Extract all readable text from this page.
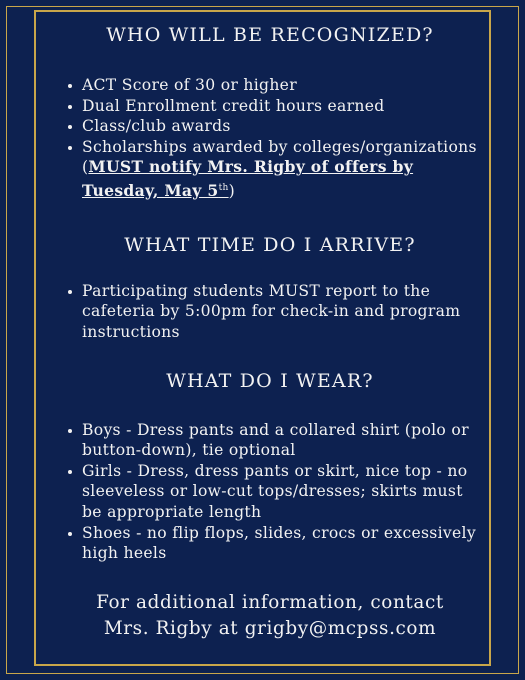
WHO WILL BE RECOGNIZED?
ACT Score of 30 or higher
Dual Enrollment credit hours earned
Class/club awards
Scholarships awarded by colleges/organizations (MUST notify Mrs. Rigby of offers by Tuesday, May 5th)
WHAT TIME DO I ARRIVE?
Participating students MUST report to the cafeteria by 5:00pm for check-in and program instructions
WHAT DO I WEAR?
Boys - Dress pants and a collared shirt (polo or button-down), tie optional
Girls - Dress, dress pants or skirt, nice top - no sleeveless or low-cut tops/dresses; skirts must be appropriate length
Shoes - no flip flops, slides, crocs or excessively high heels
For additional information, contact
Mrs. Rigby at grigby@mcpss.com
